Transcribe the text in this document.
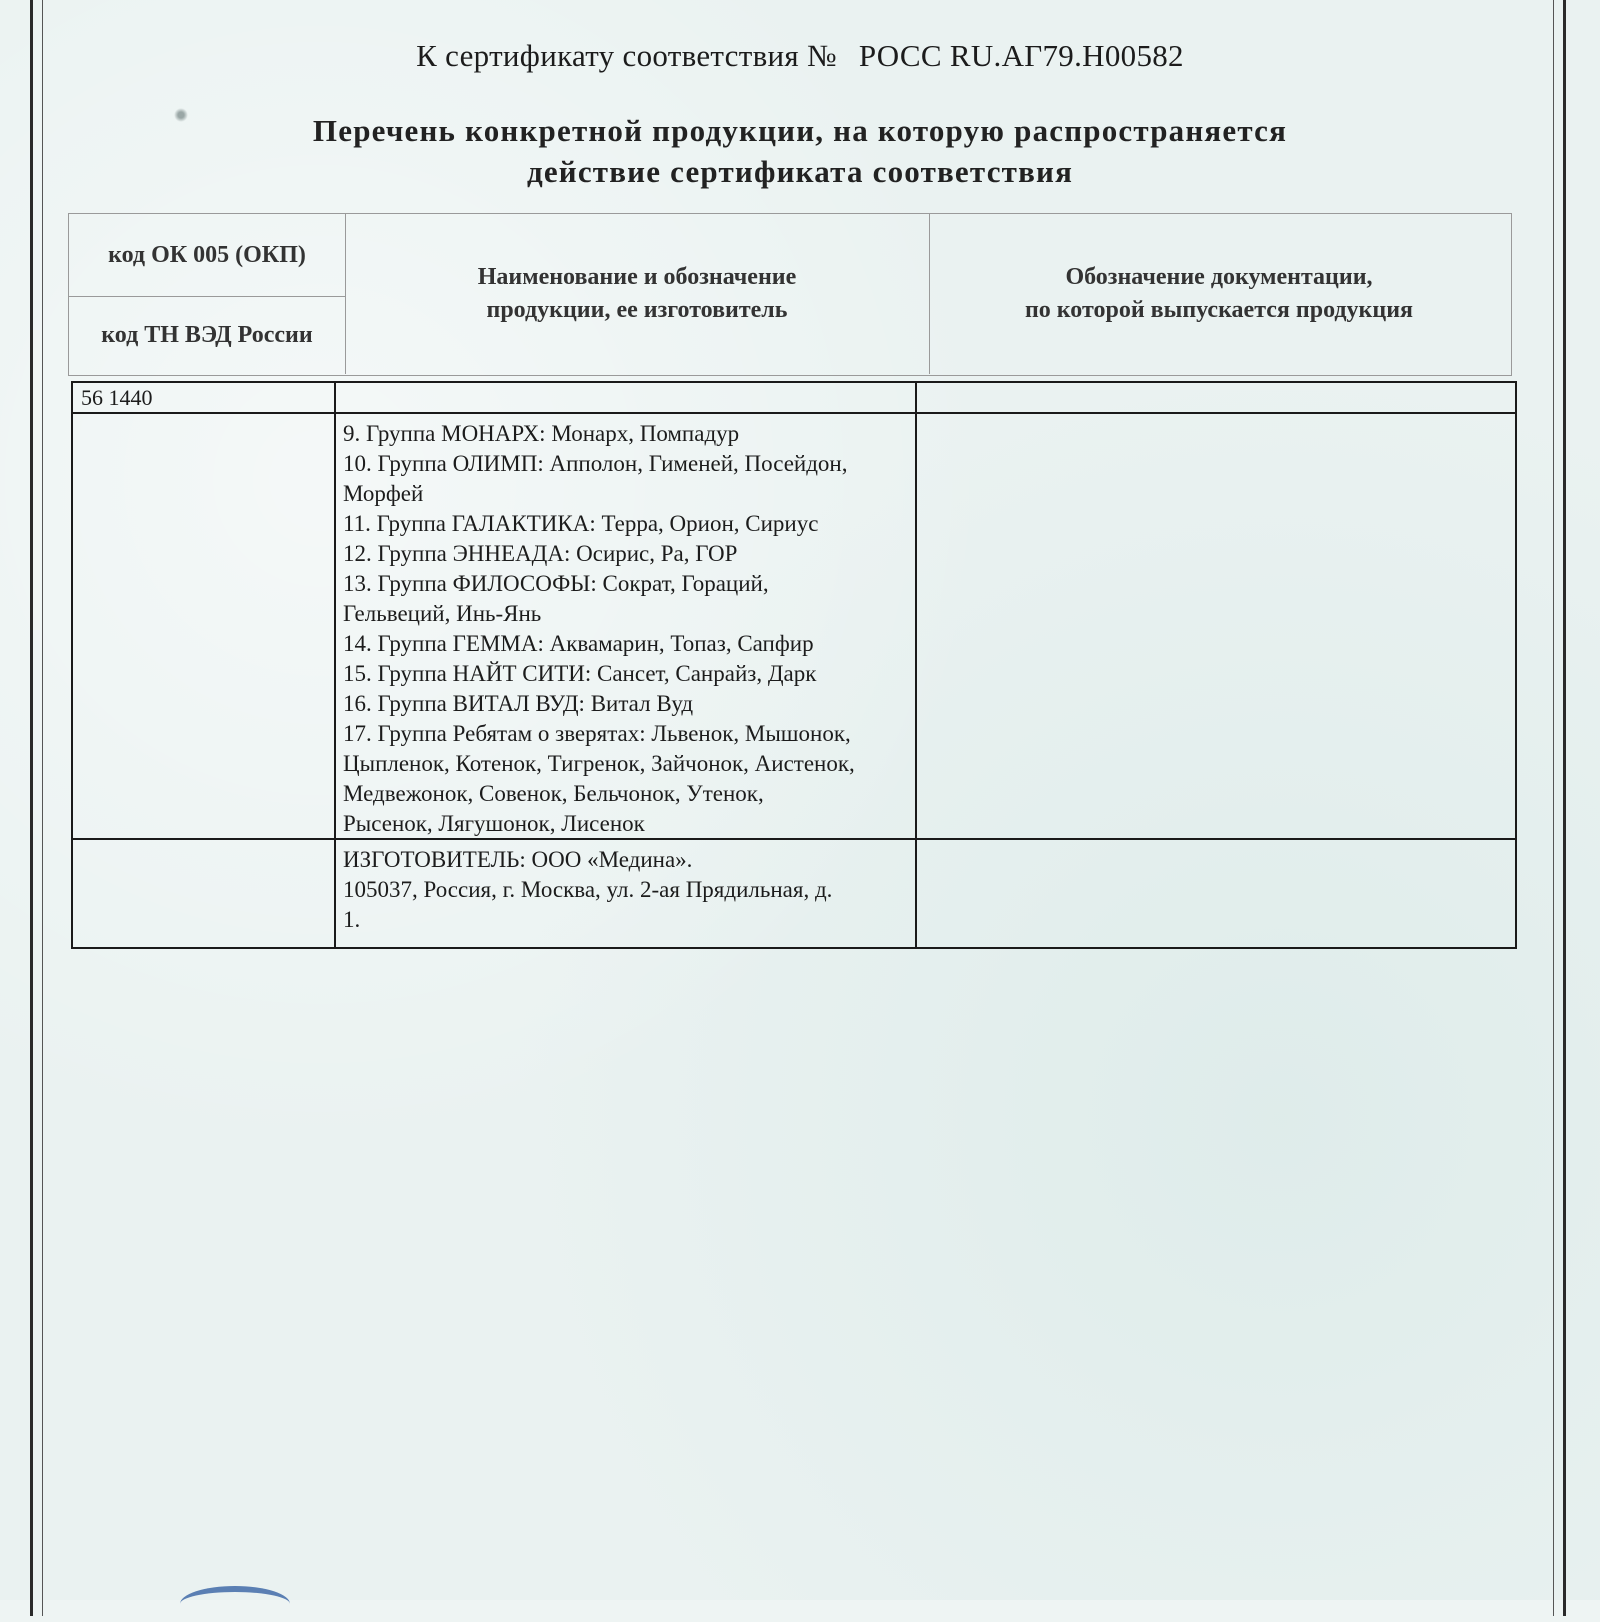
К сертификату соответствия № РОСС RU.АГ79.Н00582
Перечень конкретной продукции, на которую распространяется
действие сертификата соответствия
код ОК 005 (ОКП)
код ТН ВЭД России
Наименование и обозначение
продукции, ее изготовитель
Обозначение документации,
по которой выпускается продукция
56 1440
9. Группа МОНАРХ: Монарх, Помпадур
10. Группа ОЛИМП: Апполон, Гименей, Посейдон,
Морфей
11. Группа ГАЛАКТИКА: Терра, Орион, Сириус
12. Группа ЭННЕАДА: Осирис, Ра, ГОР
13. Группа ФИЛОСОФЫ: Сократ, Гораций,
Гельвеций, Инь-Янь
14. Группа ГЕММА: Аквамарин, Топаз, Сапфир
15. Группа НАЙТ СИТИ: Сансет, Санрайз, Дарк
16. Группа ВИТАЛ ВУД: Витал Вуд
17. Группа Ребятам о зверятах: Львенок, Мышонок,
Цыпленок, Котенок, Тигренок, Зайчонок, Аистенок,
Медвежонок, Совенок, Бельчонок, Утенок,
Рысенок, Лягушонок, Лисенок
ИЗГОТОВИТЕЛЬ: ООО «Медина».
105037, Россия, г. Москва, ул. 2-ая Прядильная, д.
1.
